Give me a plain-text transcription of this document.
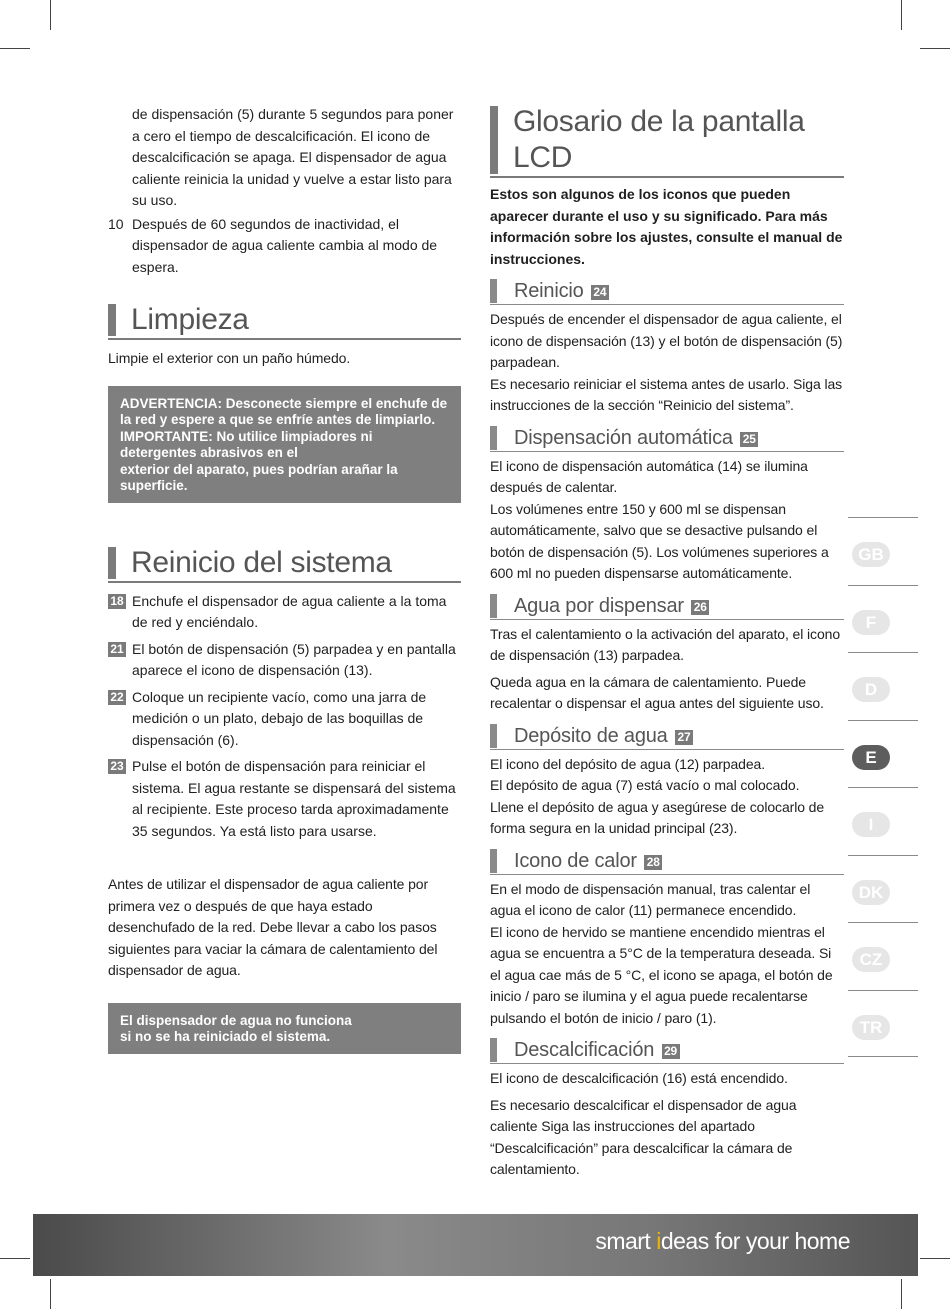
de dispensación (5) durante 5 segundos para poner a cero el tiempo de descalcificación. El icono de descalcificación se apaga. El dispensador de agua caliente reinicia la unidad y vuelve a estar listo para su uso.
10 Después de 60 segundos de inactividad, el dispensador de agua caliente cambia al modo de espera.
Limpieza

Limpie el exterior con un paño húmedo.

ADVERTENCIA: Desconecte siempre el enchufe de la red y espere a que se enfríe antes de limpiarlo.
IMPORTANTE: No utilice limpiadores ni detergentes abrasivos en el
exterior del aparato, pues podrían arañar la superficie.
Reinicio del sistema
18 Enchufe el dispensador de agua caliente a la toma de red y enciéndalo.
21 El botón de dispensación (5) parpadea y en pantalla aparece el icono de dispensación (13).
22 Coloque un recipiente vacío, como una jarra de medición o un plato, debajo de las boquillas de dispensación (6).
23 Pulse el botón de dispensación para reiniciar el sistema. El agua restante se dispensará del sistema al recipiente. Este proceso tarda aproximadamente 35 segundos. Ya está listo para usarse.

Antes de utilizar el dispensador de agua caliente por primera vez o después de que haya estado desenchufado de la red. Debe llevar a cabo los pasos siguientes para vaciar la cámara de calentamiento del dispensador de agua.

El dispensador de agua no funciona
si no se ha reiniciado el sistema.
Glosario de la pantalla LCD

Estos son algunos de los iconos que pueden aparecer durante el uso y su significado. Para más información sobre los ajustes, consulte el manual de instrucciones.

Reinicio 24

Después de encender el dispensador de agua caliente, el icono de dispensación (13) y el botón de dispensación (5) parpadean.

Es necesario reiniciar el sistema antes de usarlo. Siga las instrucciones de la sección “Reinicio del sistema”.

Dispensación automática 25

El icono de dispensación automática (14) se ilumina después de calentar.

Los volúmenes entre 150 y 600 ml se dispensan automáticamente, salvo que se desactive pulsando el botón de dispensación (5). Los volúmenes superiores a 600 ml no pueden dispensarse automáticamente.

Agua por dispensar 26

Tras el calentamiento o la activación del aparato, el icono de dispensación (13) parpadea.

Queda agua en la cámara de calentamiento. Puede recalentar o dispensar el agua antes del siguiente uso.

Depósito de agua 27

El icono del depósito de agua (12) parpadea.

El depósito de agua (7) está vacío o mal colocado.

Llene el depósito de agua y asegúrese de colocarlo de forma segura en la unidad principal (23).

Icono de calor 28

En el modo de dispensación manual, tras calentar el agua el icono de calor (11) permanece encendido.

El icono de hervido se mantiene encendido mientras el agua se encuentra a 5°C de la temperatura deseada. Si el agua cae más de 5 °C, el icono se apaga, el botón de inicio / paro se ilumina y el agua puede recalentarse pulsando el botón de inicio / paro (1).

Descalcificación 29

El icono de descalcificación (16) está encendido.

Es necesario descalcificar el dispensador de agua caliente Siga las instrucciones del apartado “Descalcificación” para descalcificar la cámara de calentamiento.

GB
F
D
E
I
DK
CZ
TR
smart ideas for your home
